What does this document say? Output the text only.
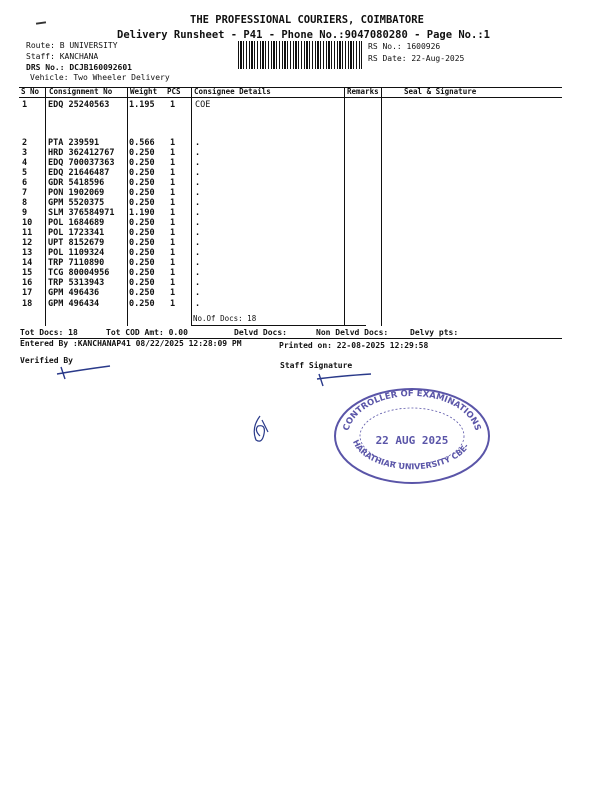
THE PROFESSIONAL COURIERS, COIMBATORE
Delivery Runsheet - P41 - Phone No.:9047080280 - Page No.:1
Route: B UNIVERSITY
Staff: KANCHANA
DRS No.: DCJB160092601
Vehicle: Two Wheeler Delivery
RS No.: 1600926
RS Date: 22-Aug-2025
S No Consignment No Weight PCS Consignee Details	Remarks	Seal & Signature
1 EDQ 25240563 1.195 1 COE
2 PTA 239591	0.566 1 .
3 HRD 362412767 0.250 1 .
4 EDQ 700037363 0.250 1 .
5 EDQ 21646487 0.250 1 .
6 GDR 5418596	0.250 1 .
7 PON 1902069	0.250 1 .
8 GPM 5520375	0.250 1 .
9 SLM 376584971 1.190 1 .
10 POL 1684689	0.250 1 .
11 POL 1723341	0.250 1 .
12 UPT 8152679	0.250 1 .
13 POL 1109324	0.250 1 .
14 TRP 7110890	0.250 1 .
15 TCG 80004956 0.250 1 .
16 TRP 5313943	0.250 1 .
17 GPM 496436	0.250 1 .
18 GPM 496434	0.250 1 .
No.Of Docs: 18
Tot Docs: 18	Tot COD Amt: 0.00	Delvd Docs:	Non Delvd Docs:	Delvy pts:
Entered By :KANCHANAP41 08/22/2025 12:28:09 PM	Printed on: 22-08-2025 12:29:58
Verified By
Staff Signature
CONTROLLER OF EXAMINATIONS
HARATHIAR UNIVERSITY CBE-
22 AUG 2025
